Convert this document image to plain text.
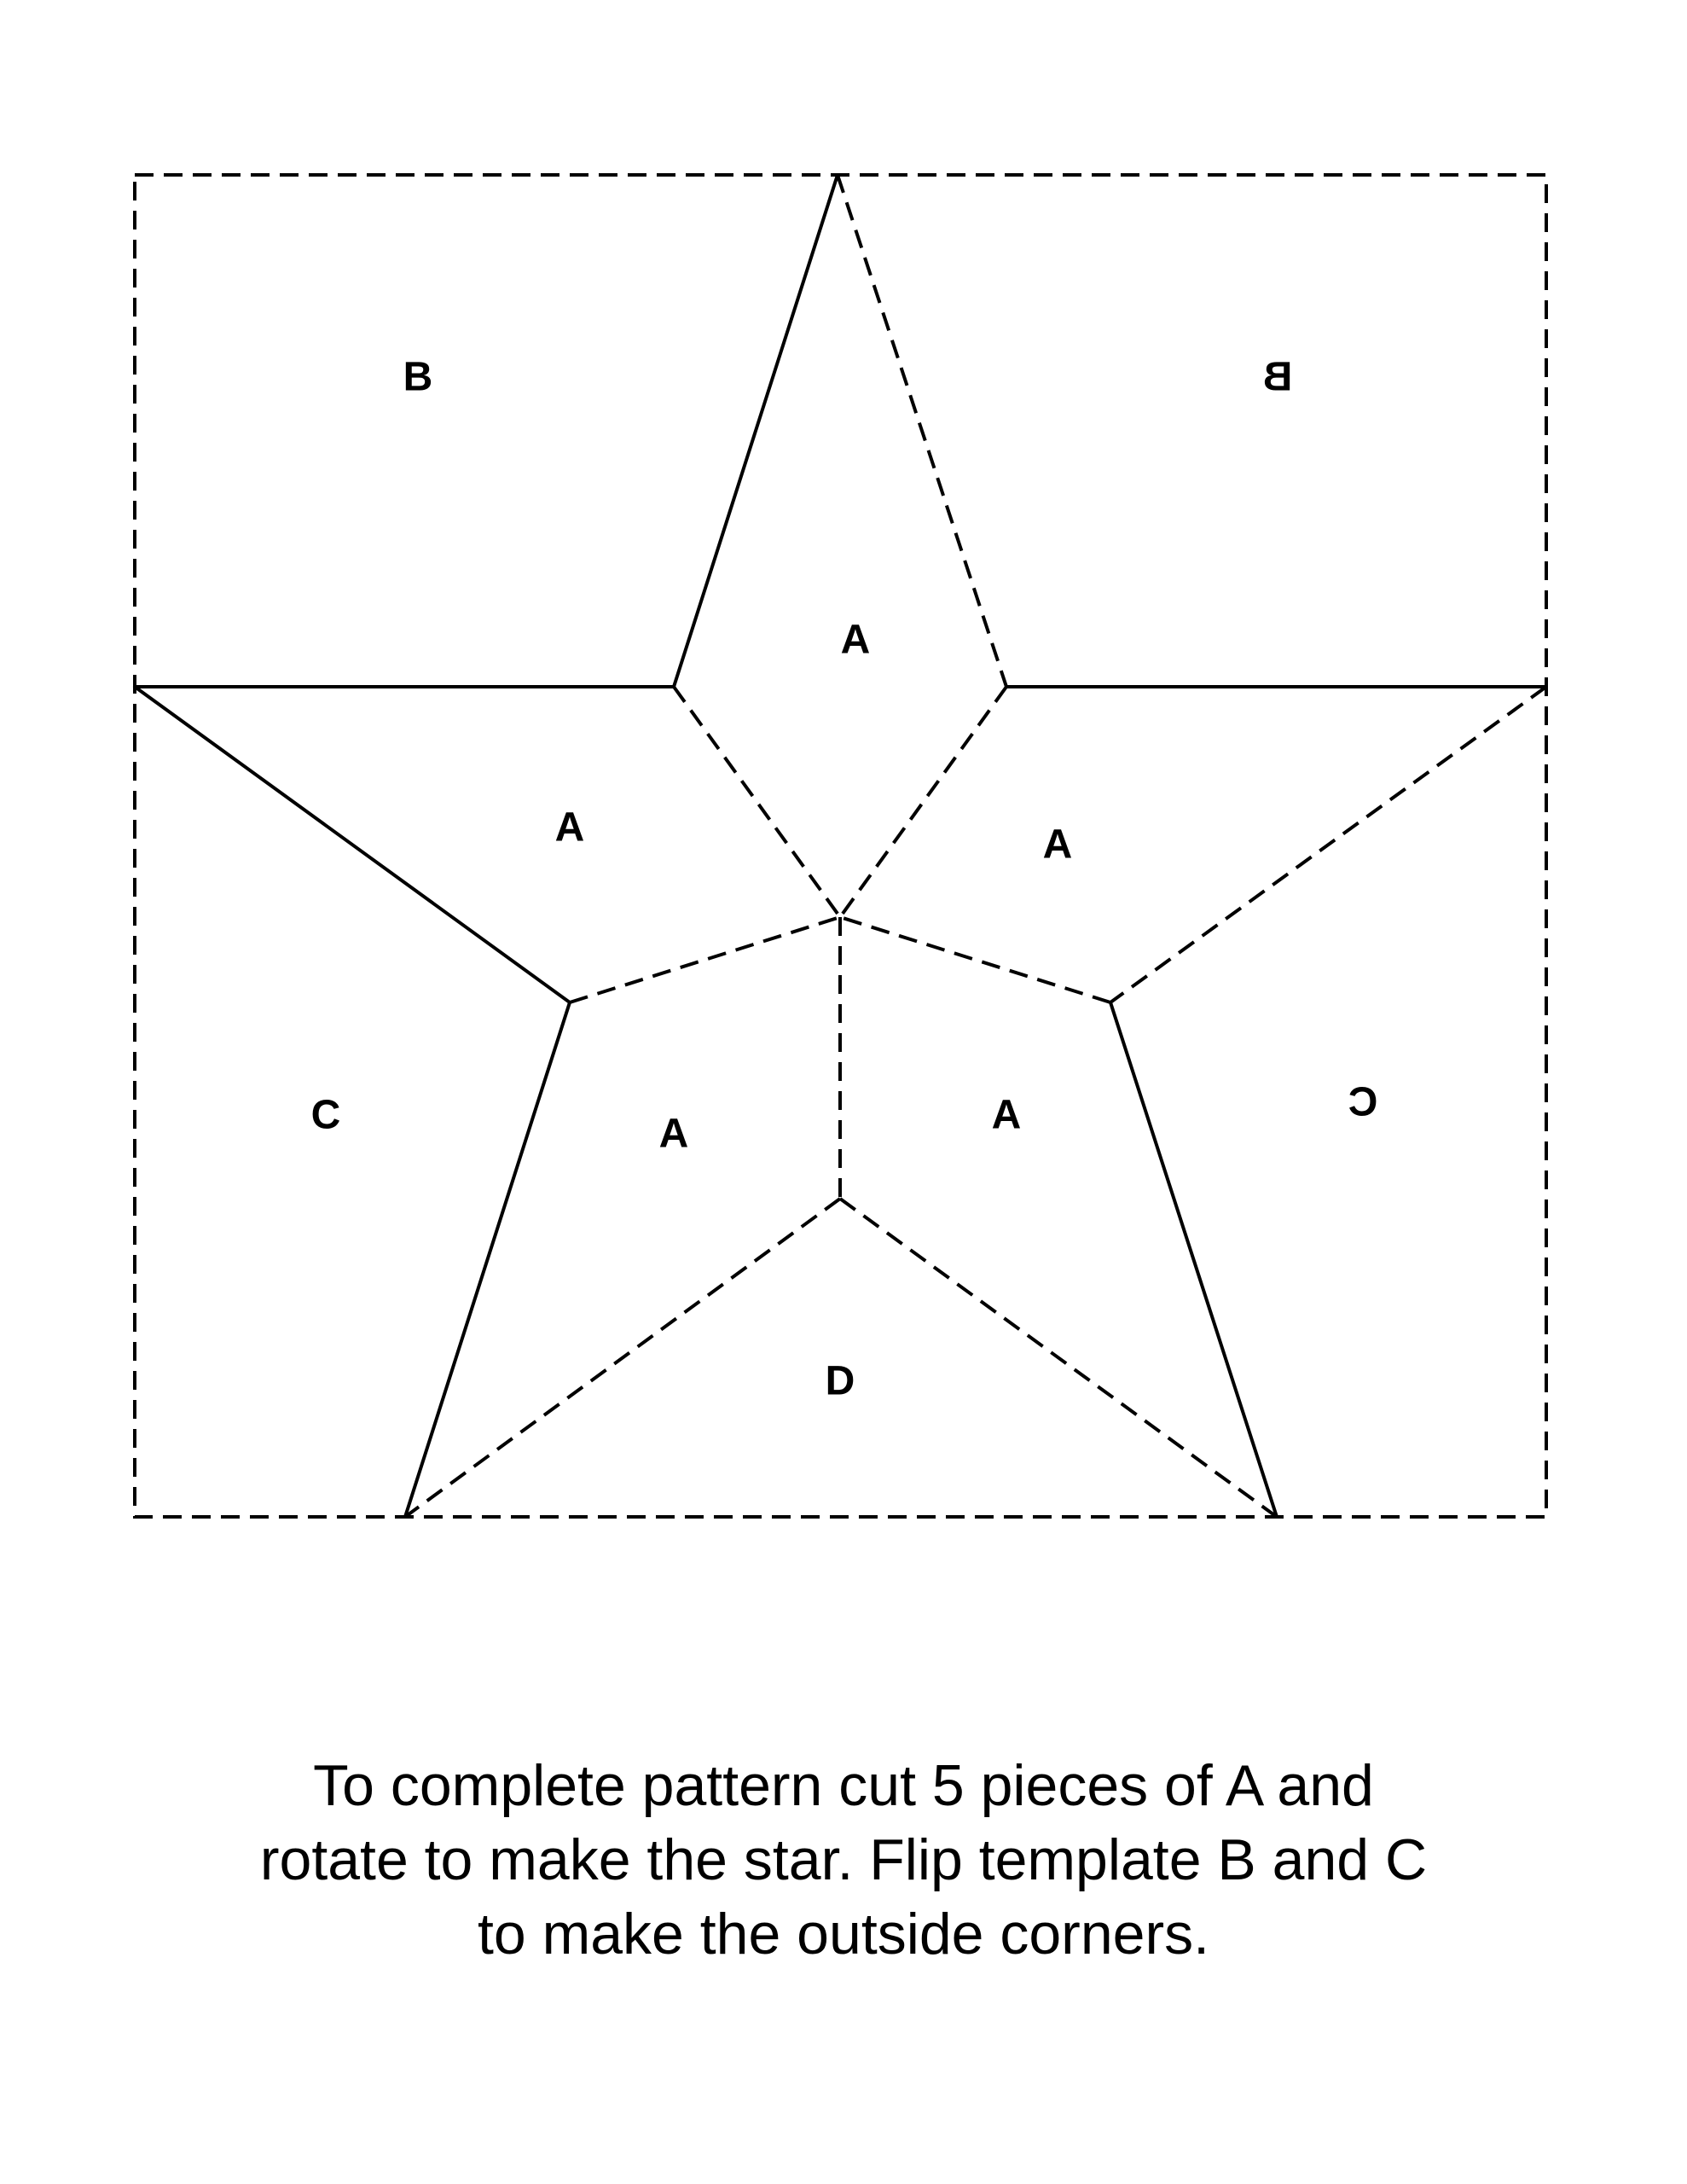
B	B
A
A	A
C	A	A	C
D

To complete pattern cut 5 pieces of A and
rotate to make the star. Flip template B and C
to make the outside corners.
